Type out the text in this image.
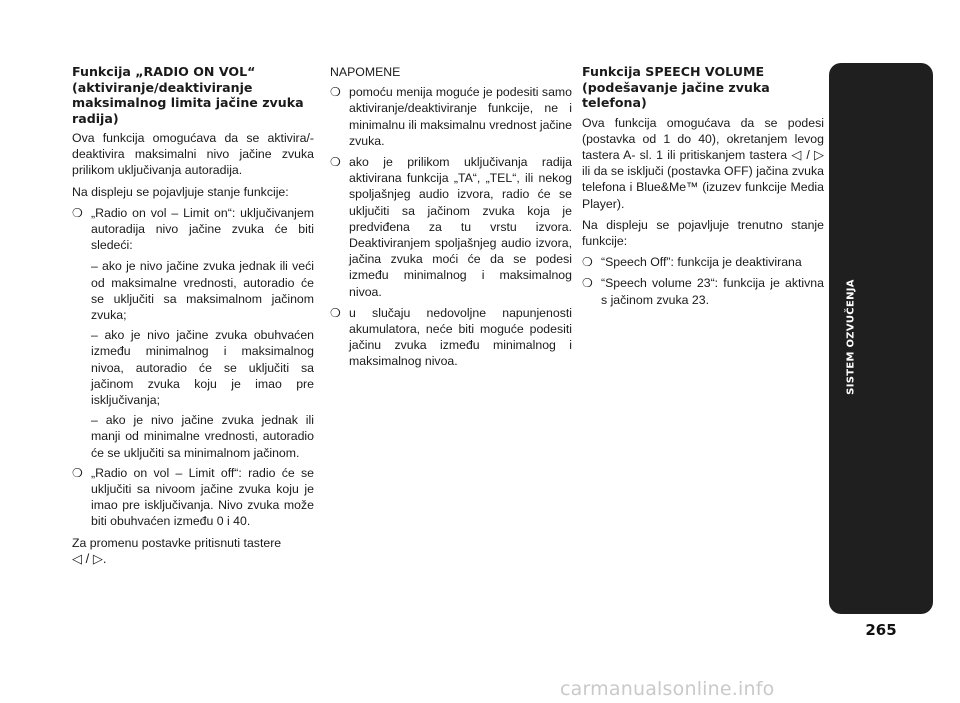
Funkcija „RADIO ON VOL“ (aktiviranje/deaktiviranje maksimalnog limita jačine zvuka radija)

Ova funkcija omogućava da se aktivira/-deaktivira maksimalni nivo jačine zvuka prilikom uključivanja autoradija.

Na displeju se pojavljuje stanje funkcije:

❍ „Radio on vol – Limit on“: uključivanjem autoradija nivo jačine zvuka će biti sledeći:
– ako je nivo jačine zvuka jednak ili veći od maksimalne vrednosti, autoradio će se uključiti sa maksimalnom jačinom zvuka;
– ako je nivo jačine zvuka obuhvaćen između minimalnog i maksimalnog nivoa, autoradio će se uključiti sa jačinom zvuka koju je imao pre isključivanja;
– ako je nivo jačine zvuka jednak ili manji od minimalne vrednosti, autoradio će se uključiti sa minimalnom jačinom.
❍ „Radio on vol – Limit off“: radio će se uključiti sa nivoom jačine zvuka koju je imao pre isključivanja. Nivo zvuka može biti obuhvaćen između 0 i 40.

Za promenu postavke pritisnuti tastere
◁ / ▷.

NAPOMENE
❍ pomoću menija moguće je podesiti samo aktiviranje/deaktiviranje funkcije, ne i minimalnu ili maksimalnu vrednost jačine zvuka.
❍ ako je prilikom uključivanja radija aktivirana funkcija „TA“, „TEL“, ili nekog spoljašnjeg audio izvora, radio će se uključiti sa jačinom zvuka koja je predviđena za tu vrstu izvora. Deaktiviranjem spoljašnjeg audio izvora, jačina zvuka moći će da se podesi između minimalnog i maksimalnog nivoa.
❍ u slučaju nedovoljne napunjenosti akumulatora, neće biti moguće podesiti jačinu zvuka između minimalnog i maksimalnog nivoa.
Funkcija SPEECH VOLUME (podešavanje jačine zvuka telefona)

Ova funkcija omogućava da se podesi (postavka od 1 do 40), okretanjem levog tastera A- sl. 1 ili pritiskanjem tastera ◁ / ▷ ili da se isključi (postavka OFF) jačina zvuka telefona i Blue&Me™ (izuzev funkcije Media Player).

Na displeju se pojavljuje trenutno stanje funkcije:

❍ “Speech Off”: funkcija je deaktivirana
❍ “Speech volume 23“: funkcija je aktivna s jačinom zvuka 23.	SISTEM OZVUČENJA
265
carmanualsonline.info
